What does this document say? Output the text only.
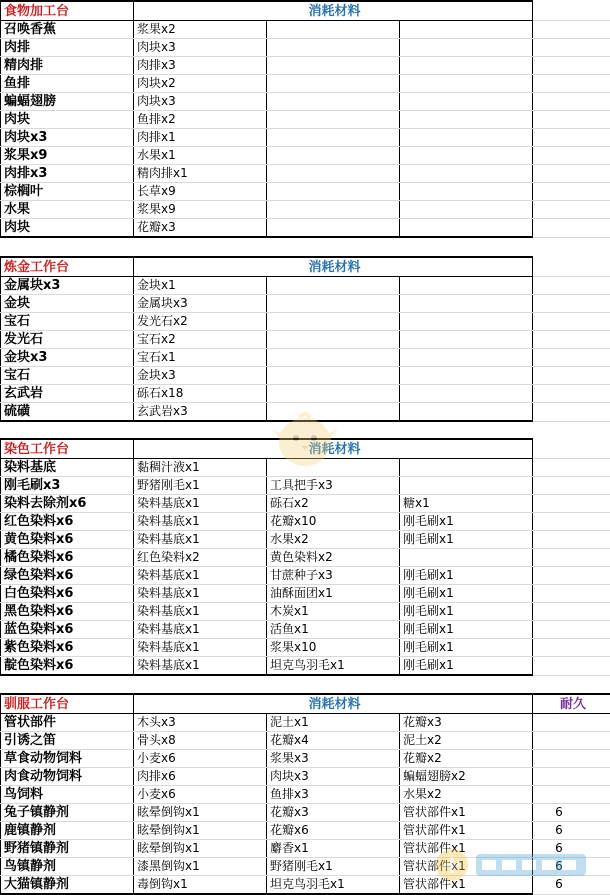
食物加工台	消耗材料			
召唤香蕉	浆果x2			
肉排	肉块x3			
精肉排	肉排x3			
鱼排	肉块x2			
蝙蝠翅膀	肉块x3			
肉块	鱼排x2			
肉块x3	肉排x1			
浆果x9	水果x1			
肉排x3	精肉排x1			
棕榈叶	长草x9			
水果	浆果x9			
肉块	花瓣x3			
炼金工作台	消耗材料			
金属块x3	金块x1			
金块	金属块x3			
宝石	发光石x2			
发光石	宝石x2			
金块x3	宝石x1			
宝石	金块x3			
玄武岩	砾石x18			
硫磺	玄武岩x3			
染色工作台	消耗材料			
染料基底	黏稠汁液x1			
刚毛刷x3	野猪刚毛x1	工具把手x3		
染料去除剂x6	染料基底x1	砾石x2	糖x1	
红色染料x6	染料基底x1	花瓣x10	刚毛刷x1	
黄色染料x6	染料基底x1	水果x2	刚毛刷x1	
橘色染料x6	红色染料x2	黄色染料x2		
绿色染料x6	染料基底x1	甘蔗种子x3	刚毛刷x1	
白色染料x6	染料基底x1	油酥面团x1	刚毛刷x1	
黑色染料x6	染料基底x1	木炭x1	刚毛刷x1	
蓝色染料x6	染料基底x1	活鱼x1	刚毛刷x1	
紫色染料x6	染料基底x1	浆果x10	刚毛刷x1	
靛色染料x6	染料基底x1	坦克鸟羽毛x1	刚毛刷x1	
驯服工作台	消耗材料			耐久
管状部件	木头x3	泥土x1	花瓣x3	
引诱之笛	骨头x8	花瓣x4	泥土x2	
草食动物饲料	小麦x6	浆果x3	花瓣x2	
肉食动物饲料	肉排x6	肉块x3	蝙蝠翅膀x2	
鸟饲料	小麦x6	鱼排x3	水果x2	
兔子镇静剂	眩晕倒钩x1	花瓣x3	管状部件x1	6
鹿镇静剂	眩晕倒钩x1	花瓣x6	管状部件x1	6
野猪镇静剂	眩晕倒钩x1	麝香x1	管状部件x1	6
鸟镇静剂	漆黑倒钩x1	野猪刚毛x1	管状部件x1	6
大猫镇静剂	毒倒钩x1	坦克鸟羽毛x1	管状部件x1	6
